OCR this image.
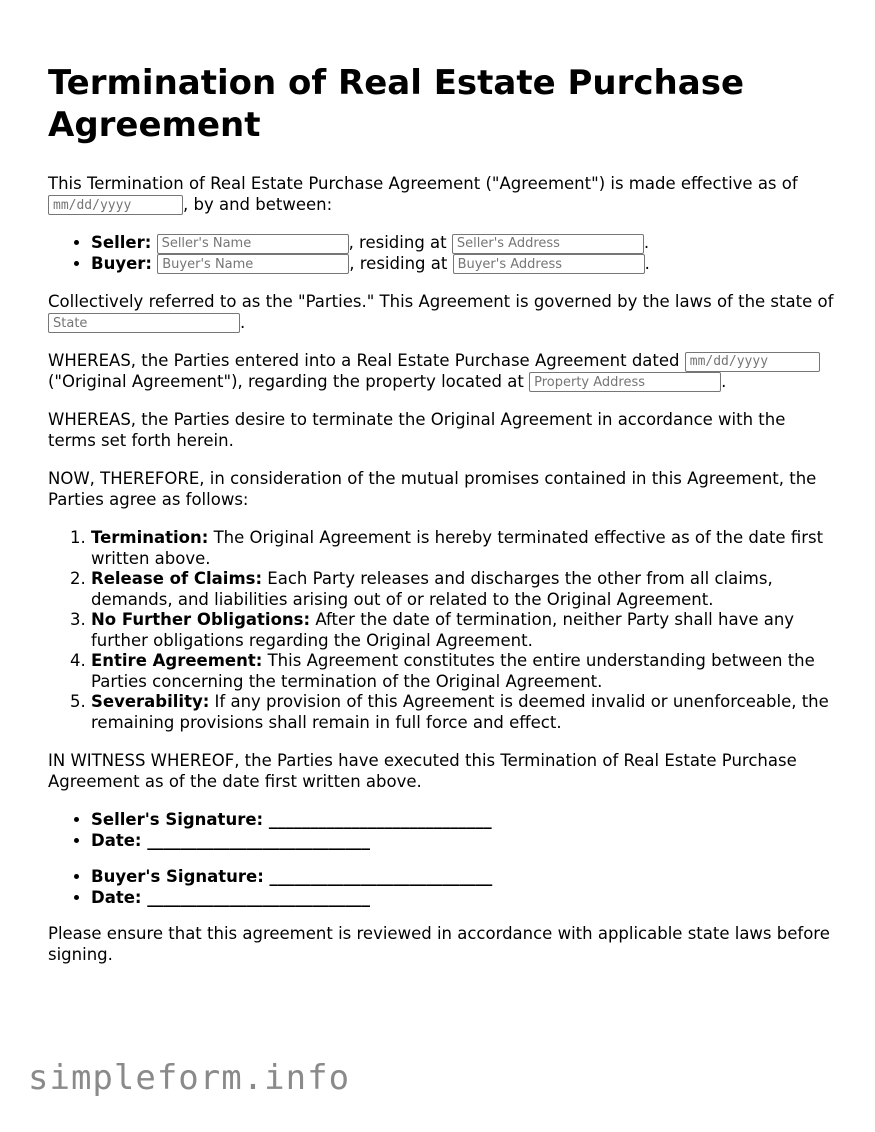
Termination of Real Estate Purchase Agreement

This Termination of Real Estate Purchase Agreement ("Agreement") is made effective as of mm/dd/yyyy, by and between:

• Seller: Seller's Name	, residing at Seller's Address	.
• Buyer: Buyer's Name	, residing at Buyer's Address	.

Collectively referred to as the "Parties." This Agreement is governed by the laws of the state of State.

WHEREAS, the Parties entered into a Real Estate Purchase Agreement dated mm/dd/yyyy ("Original Agreement"), regarding the property located at Property Address	.

WHEREAS, the Parties desire to terminate the Original Agreement in accordance with the terms set forth herein.

NOW, THEREFORE, in consideration of the mutual promises contained in this Agreement, the Parties agree as follows:

1. Termination: The Original Agreement is hereby terminated effective as of the date first written above.
2. Release of Claims: Each Party releases and discharges the other from all claims, demands, and liabilities arising out of or related to the Original Agreement.
3. No Further Obligations: After the date of termination, neither Party shall have any further obligations regarding the Original Agreement.
4. Entire Agreement: This Agreement constitutes the entire understanding between the Parties concerning the termination of the Original Agreement.
5. Severability: If any provision of this Agreement is deemed invalid or unenforceable, the remaining provisions shall remain in full force and effect.

IN WITNESS WHEREOF, the Parties have executed this Termination of Real Estate Purchase Agreement as of the date first written above.

• Seller's Signature: ___________________________
• Date: ___________________________
• Buyer's Signature: ___________________________
• Date: ___________________________

Please ensure that this agreement is reviewed in accordance with applicable state laws before signing.

simpleform.info
